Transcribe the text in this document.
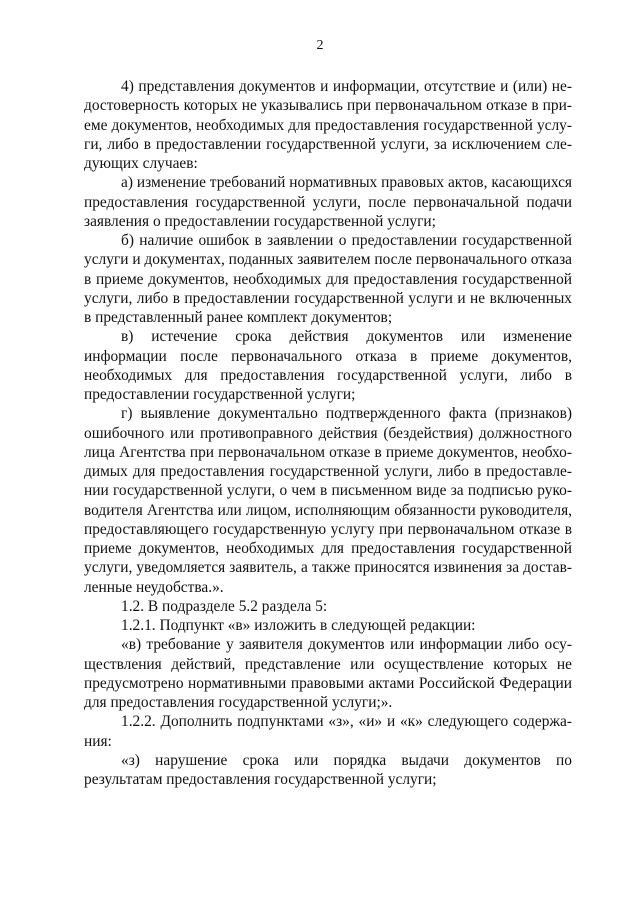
2

4) представления документов и информации, отсутствие и (или) недостоверность которых не указывались при первоначальном отказе в приеме документов, необходимых для предоставления государственной услуги, либо в предоставлении государственной услуги, за исключением следующих случаев:

а) изменение требований нормативных правовых актов, касающихся предоставления государственной услуги, после первоначальной подачи заявления о предоставлении государственной услуги;

б) наличие ошибок в заявлении о предоставлении государственной услуги и документах, поданных заявителем после первоначального отказа в приеме документов, необходимых для предоставления государственной услуги, либо в предоставлении государственной услуги и не включенных в представленный ранее комплект документов;

в) истечение срока действия документов или изменение информации после первоначального отказа в приеме документов, необходимых для предоставления государственной услуги, либо в предоставлении государственной услуги;

г) выявление документально подтвержденного факта (признаков) ошибочного или противоправного действия (бездействия) должностного лица Агентства при первоначальном отказе в приеме документов, необходимых для предоставления государственной услуги, либо в предоставлении государственной услуги, о чем в письменном виде за подписью руководителя Агентства или лицом, исполняющим обязанности руководителя, предоставляющего государственную услугу при первоначальном отказе в приеме документов, необходимых для предоставления государственной услуги, уведомляется заявитель, а также приносятся извинения за доставленные неудобства.».

1.2. В подразделе 5.2 раздела 5:

1.2.1. Подпункт «в» изложить в следующей редакции:

«в) требование у заявителя документов или информации либо осуществления действий, представление или осуществление которых не предусмотрено нормативными правовыми актами Российской Федерации для предоставления государственной услуги;».

1.2.2. Дополнить подпунктами «з», «и» и «к» следующего содержания:

«з) нарушение срока или порядка выдачи документов по результатам предоставления государственной услуги;
